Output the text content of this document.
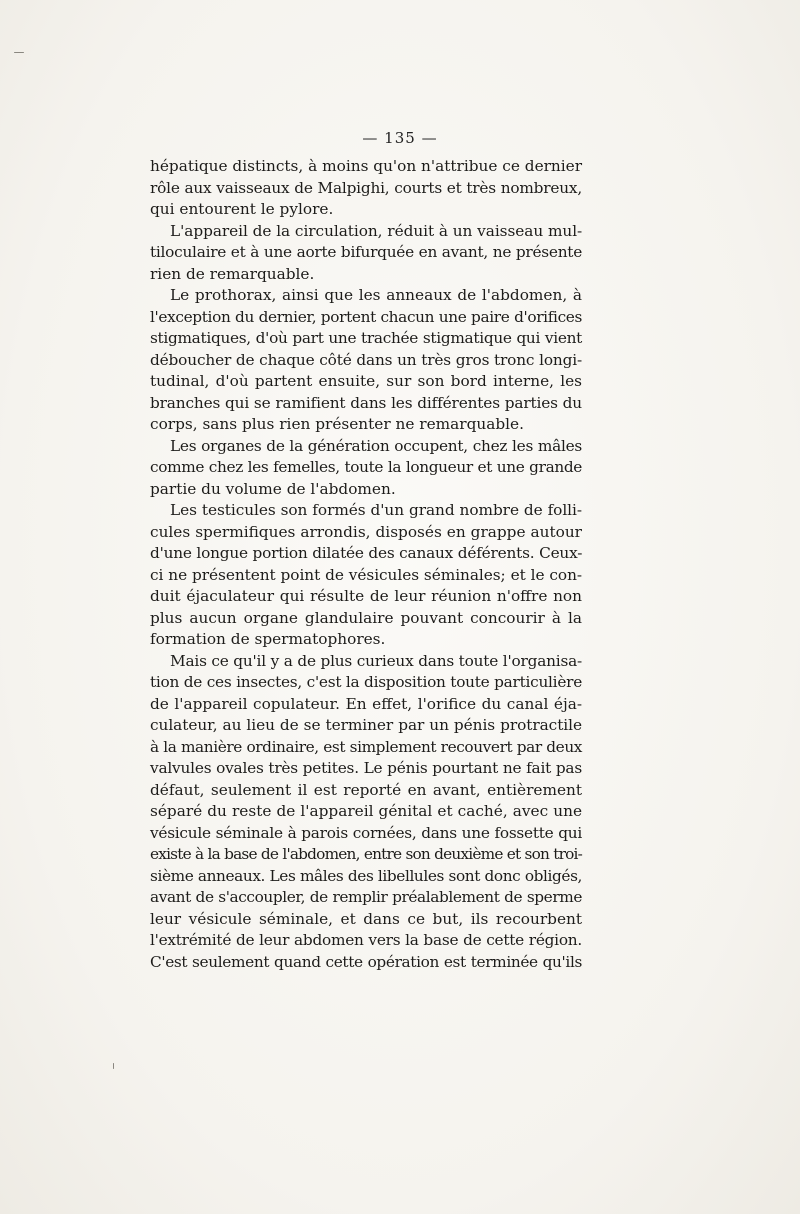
— 135 —
hépatique distincts, à moins qu'on n'attribue ce dernier
rôle aux vaisseaux de Malpighi, courts et très nombreux,
qui entourent le pylore.
L'appareil de la circulation, réduit à un vaisseau mul-
tiloculaire et à une aorte bifurquée en avant, ne présente
rien de remarquable.
Le prothorax, ainsi que les anneaux de l'abdomen, à
l'exception du dernier, portent chacun une paire d'orifices
stigmatiques, d'où part une trachée stigmatique qui vient
déboucher de chaque côté dans un très gros tronc longi-
tudinal, d'où partent ensuite, sur son bord interne, les
branches qui se ramifient dans les différentes parties du
corps, sans plus rien présenter ne remarquable.
Les organes de la génération occupent, chez les mâles
comme chez les femelles, toute la longueur et une grande
partie du volume de l'abdomen.
Les testicules son formés d'un grand nombre de folli-
cules spermifiques arrondis, disposés en grappe autour
d'une longue portion dilatée des canaux déférents. Ceux-
ci ne présentent point de vésicules séminales; et le con-
duit éjaculateur qui résulte de leur réunion n'offre non
plus aucun organe glandulaire pouvant concourir à la
formation de spermatophores.
Mais ce qu'il y a de plus curieux dans toute l'organisa-
tion de ces insectes, c'est la disposition toute particulière
de l'appareil copulateur. En effet, l'orifice du canal éja-
culateur, au lieu de se terminer par un pénis protractile
à la manière ordinaire, est simplement recouvert par deux
valvules ovales très petites. Le pénis pourtant ne fait pas
défaut, seulement il est reporté en avant, entièrement
séparé du reste de l'appareil génital et caché, avec une
vésicule séminale à parois cornées, dans une fossette qui
existe à la base de l'abdomen, entre son deuxième et son troi-
sième anneaux. Les mâles des libellules sont donc obligés,
avant de s'accoupler, de remplir préalablement de sperme
leur vésicule séminale, et dans ce but, ils recourbent
l'extrémité de leur abdomen vers la base de cette région.
C'est seulement quand cette opération est terminée qu'ils
